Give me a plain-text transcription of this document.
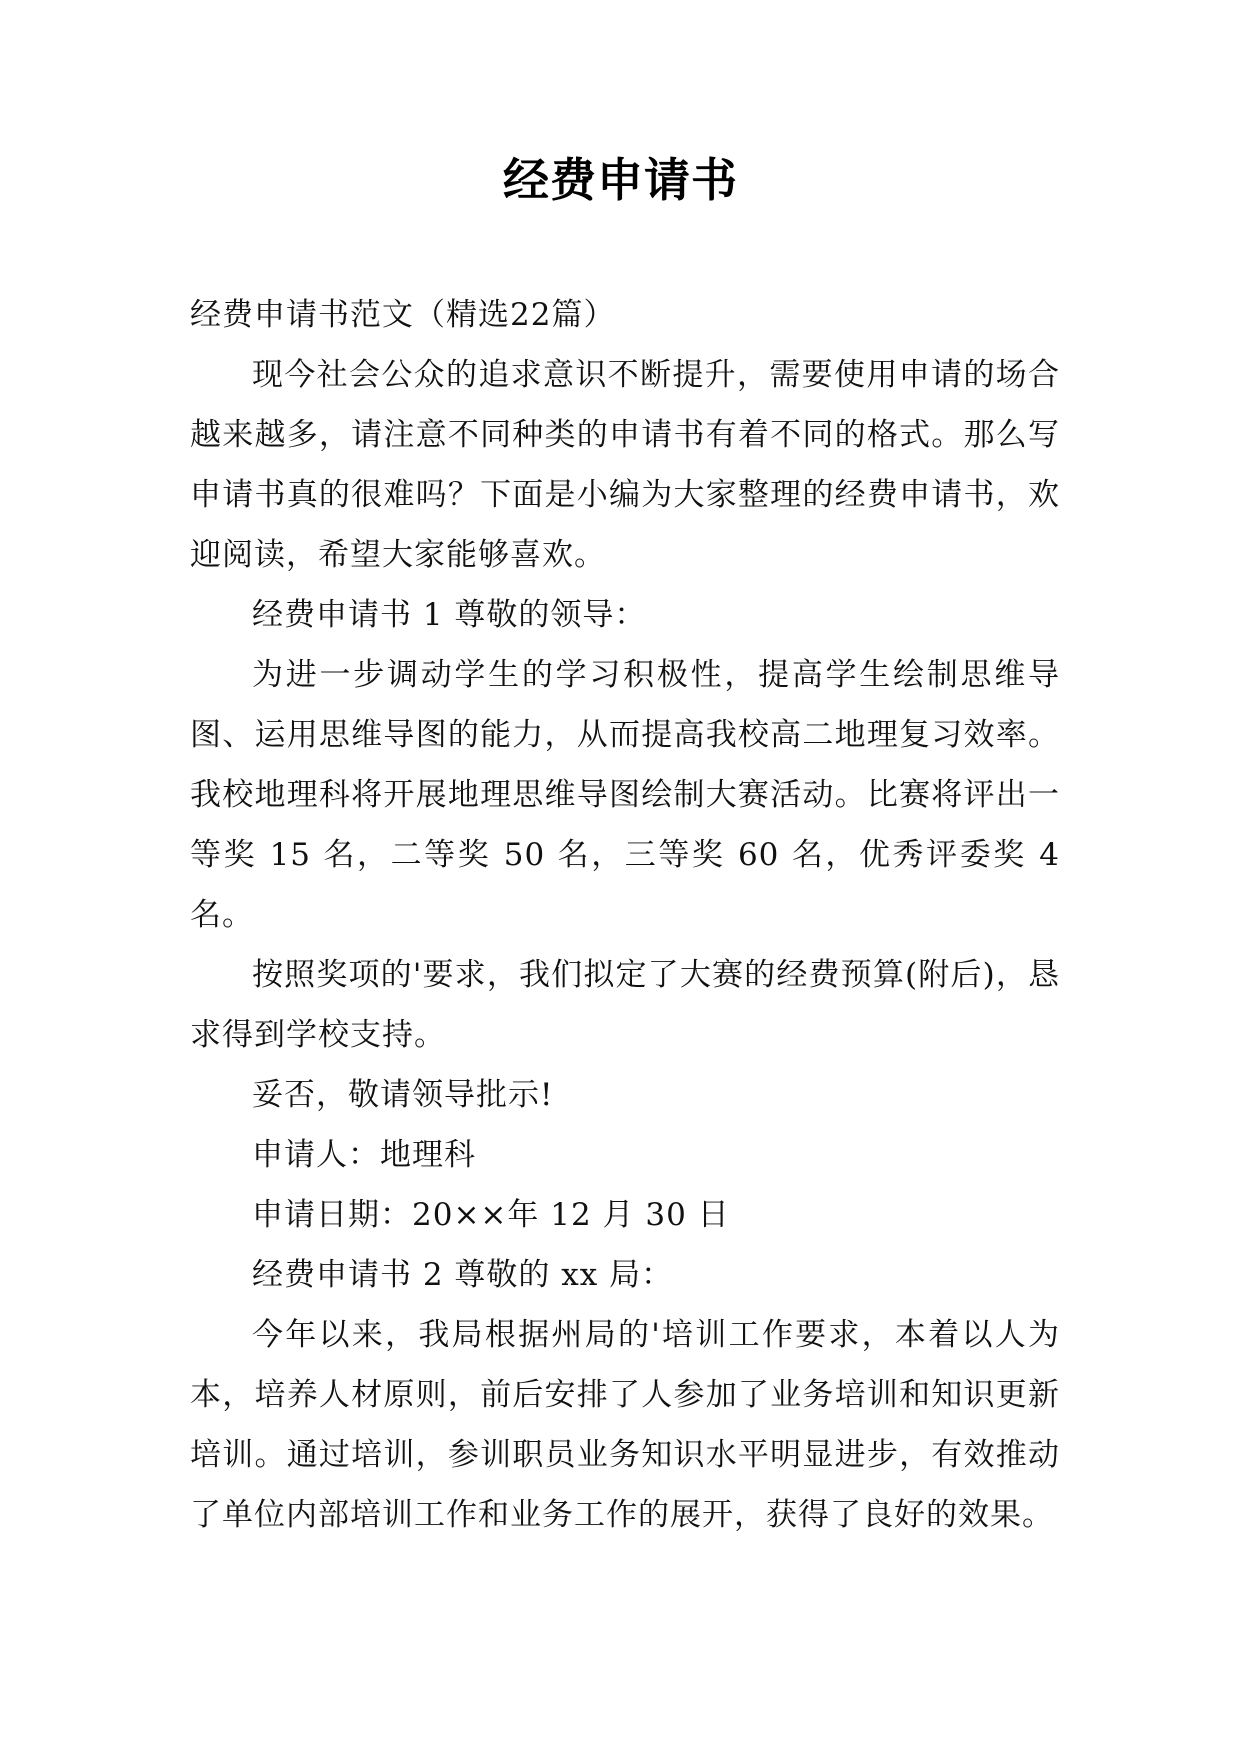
经费申请书

经费申请书范文（精选22篇）

现今社会公众的追求意识不断提升，需要使用申请的场合越来越多，请注意不同种类的申请书有着不同的格式。那么写申请书真的很难吗？下面是小编为大家整理的经费申请书，欢迎阅读，希望大家能够喜欢。

经费申请书 1 尊敬的领导：

为进一步调动学生的学习积极性，提高学生绘制思维导图、运用思维导图的能力，从而提高我校高二地理复习效率。我校地理科将开展地理思维导图绘制大赛活动。比赛将评出一等奖 15 名，二等奖 50 名，三等奖 60 名，优秀评委奖 4 名。

按照奖项的'要求，我们拟定了大赛的经费预算(附后)，恳求得到学校支持。

妥否，敬请领导批示!

申请人：地理科

申请日期：20××年 12 月 30 日

经费申请书 2 尊敬的 xx 局：

今年以来，我局根据州局的'培训工作要求，本着以人为本，培养人材原则，前后安排了人参加了业务培训和知识更新培训。通过培训，参训职员业务知识水平明显进步，有效推动了单位内部培训工作和业务工作的展开，获得了良好的效果。
